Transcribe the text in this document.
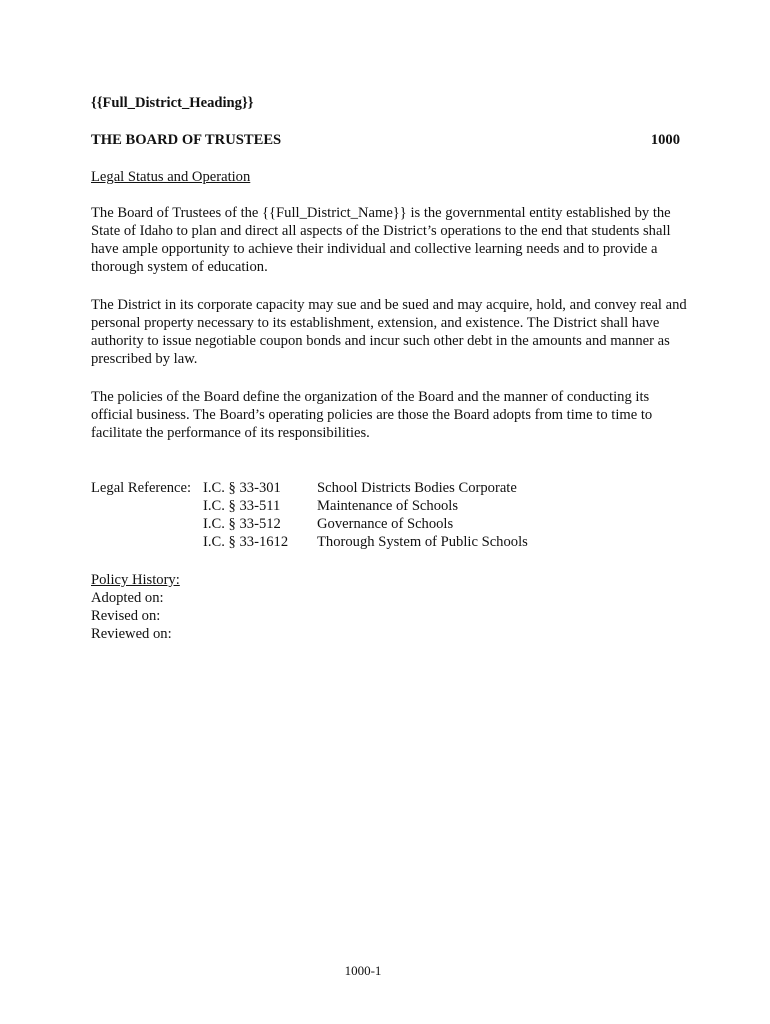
{{Full_District_Heading}}
THE BOARD OF TRUSTEES	1000
Legal Status and Operation

The Board of Trustees of the {{Full_District_Name}} is the governmental entity established by the State of Idaho to plan and direct all aspects of the District’s operations to the end that students shall have ample opportunity to achieve their individual and collective learning needs and to provide a thorough system of education.

The District in its corporate capacity may sue and be sued and may acquire, hold, and convey real and personal property necessary to its establishment, extension, and existence. The District shall have authority to issue negotiable coupon bonds and incur such other debt in the amounts and manner as prescribed by law.

The policies of the Board define the organization of the Board and the manner of conducting its official business. The Board’s operating policies are those the Board adopts from time to time to facilitate the performance of its responsibilities.

Legal Reference: I.C. § 33-301	School Districts Bodies Corporate
I.C. § 33-511	Maintenance of Schools
I.C. § 33-512	Governance of Schools
I.C. § 33-1612	Thorough System of Public Schools
Policy History:
Adopted on:
Revised on:
Reviewed on:
1000-1
